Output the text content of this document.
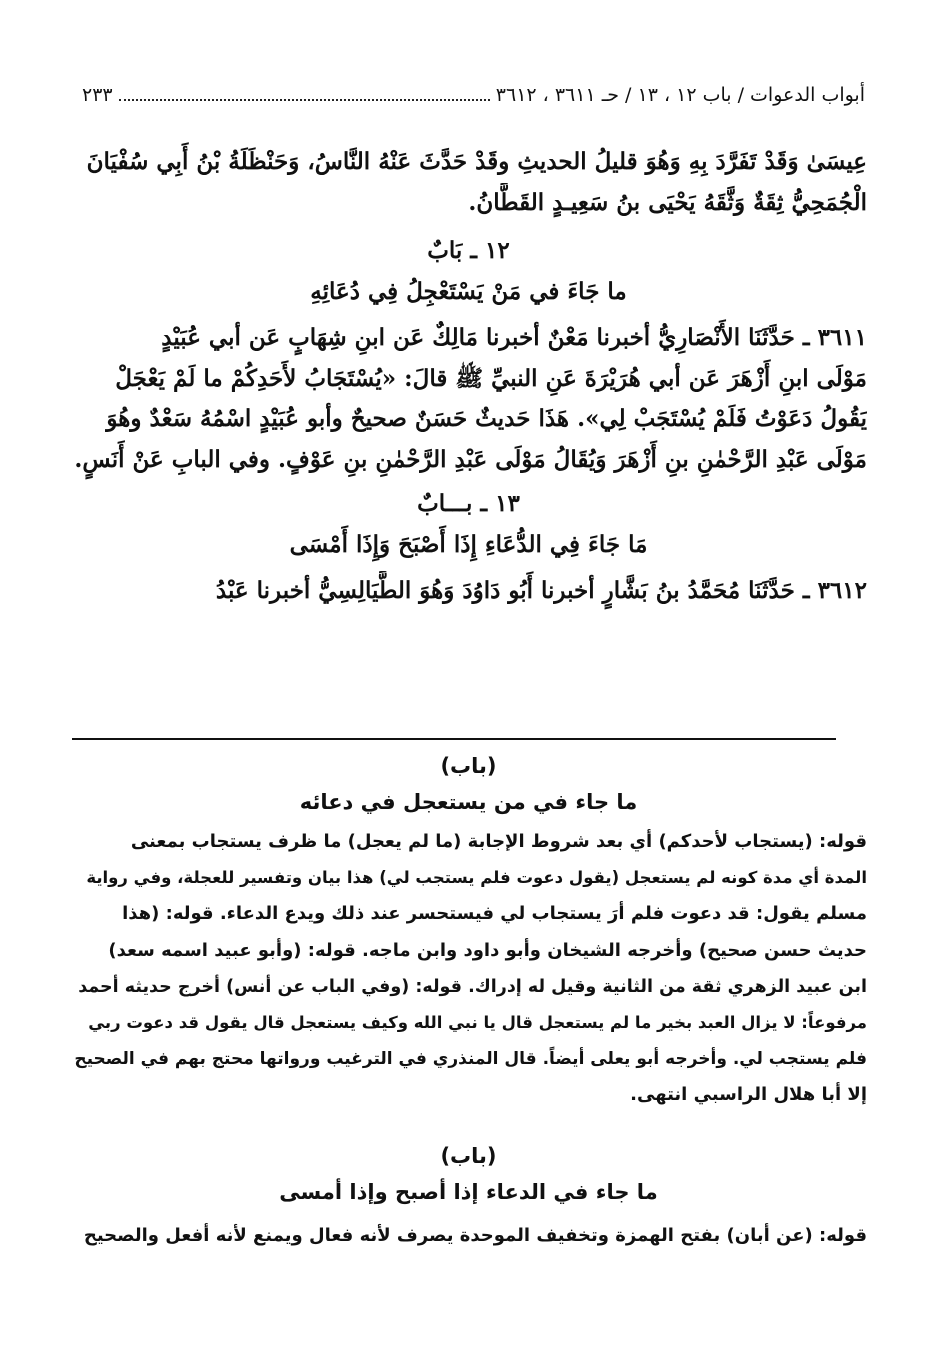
أبواب الدعوات / باب ١٢ ، ١٣ / حـ ٣٦١١ ، ٣٦١٢
٢٣٣
عِيسَىٰ وَقَدْ تَفَرَّدَ بِهِ وَهُوَ قليلُ الحديثِ وقَدْ حَدَّثَ عَنْهُ النَّاسُ، وَحَنْظَلَةُ بْنُ أَبِي سُفْيَانَ
الْجُمَحِيُّ ثِقَةٌ وَثَّقَهُ يَحْيَى بنُ سَعِيـدٍ القَطَّانُ.
١٢ ـ بَابٌ
ما جَاءَ في مَنْ يَسْتَعْجِلُ فِي دُعَائِهِ
٣٦١١ ـ حَدَّثَنَا الأَنْصَارِيُّ أخبرنا مَعْنٌ أخبرنا مَالِكٌ عَن ابنِ شِهَابٍ عَن أبي عُبَيْدٍ
مَوْلَى ابنِ أَزْهَرَ عَن أبي هُرَيْرَةَ عَنِ النبيِّ ﷺ قالَ: «يُسْتَجَابُ لأَحَدِكُمْ ما لَمْ يَعْجَلْ
يَقُولُ دَعَوْتُ فَلَمْ يُسْتَجَبْ لِي». هَذَا حَديثٌ حَسَنٌ صحيحٌ وأبو عُبَيْدٍ اسْمُهُ سَعْدٌ وهُوَ
مَوْلَى عَبْدِ الرَّحْمٰنِ بنِ أَزْهَرَ وَيُقَالُ مَوْلَى عَبْدِ الرَّحْمٰنِ بنِ عَوْفٍ. وفي البابِ عَنْ أَنَسٍ.
١٣ ـ بـــابٌ
مَا جَاءَ فِي الدُّعَاءِ إِذَا أَصْبَحَ وَإِذَا أَمْسَى
٣٦١٢ ـ حَدَّثَنَا مُحَمَّدُ بنُ بَشَّارٍ أخبرنا أَبُو دَاوُدَ وَهُوَ الطَّيَالِسِيُّ أخبرنا عَبْدُ
(باب)
ما جاء في من يستعجل في دعائه
قوله: (يستجاب لأحدكم) أي بعد شروط الإجابة (ما لم يعجل) ما ظرف يستجاب بمعنى
المدة أي مدة كونه لم يستعجل (يقول دعوت فلم يستجب لي) هذا بيان وتفسير للعجلة، وفي رواية
مسلم يقول: قد دعوت فلم أرَ يستجاب لي فيستحسر عند ذلك ويدع الدعاء. قوله: (هذا
حديث حسن صحيح) وأخرجه الشيخان وأبو داود وابن ماجه. قوله: (وأبو عبيد اسمه سعد)
ابن عبيد الزهري ثقة من الثانية وقيل له إدراك. قوله: (وفي الباب عن أنس) أخرج حديثه أحمد
مرفوعاً: لا يزال العبد بخير ما لم يستعجل قال يا نبي الله وكيف يستعجل قال يقول قد دعوت ربي
فلم يستجب لي. وأخرجه أبو يعلى أيضاً. قال المنذري في الترغيب ورواتها محتج بهم في الصحيح
إلا أبا هلال الراسبي انتهى.
(باب)
ما جاء في الدعاء إذا أصبح وإذا أمسى
قوله: (عن أبان) بفتح الهمزة وتخفيف الموحدة يصرف لأنه فعال ويمنع لأنه أفعل والصحيح
